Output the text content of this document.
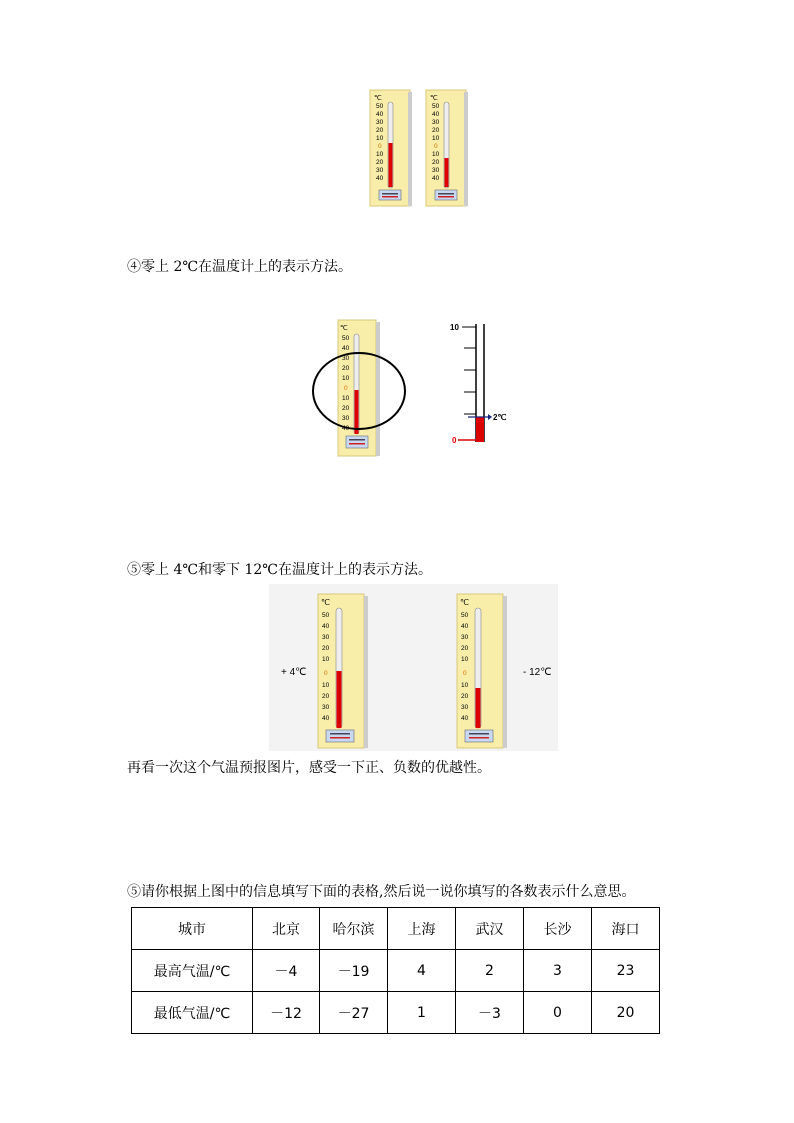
℃
50
40
30
20
10
0
10
20
30
40
℃
50
40
30
20
10
0
10
20
30
40
④零上 2℃在温度计上的表示方法。
℃
50
40
30
20
10
0
10
20
30
40
10
0
2℃
⑤零上 4℃和零下 12℃在温度计上的表示方法。
+ 4℃	- 12℃
℃
50
40
30
20
10
0
10
20
30
40
℃
50
40
30
20
10
0
10
20
30
40
再看一次这个气温预报图片，感受一下正、负数的优越性。
⑤请你根据上图中的信息填写下面的表格,然后说一说你填写的各数表示什么意思。
城市	北京	哈尔滨	上海	武汉	长沙	海口
最高气温/℃	－4	－19	4	2	3	23
最低气温/℃	－12	－27	1	－3	0	20
